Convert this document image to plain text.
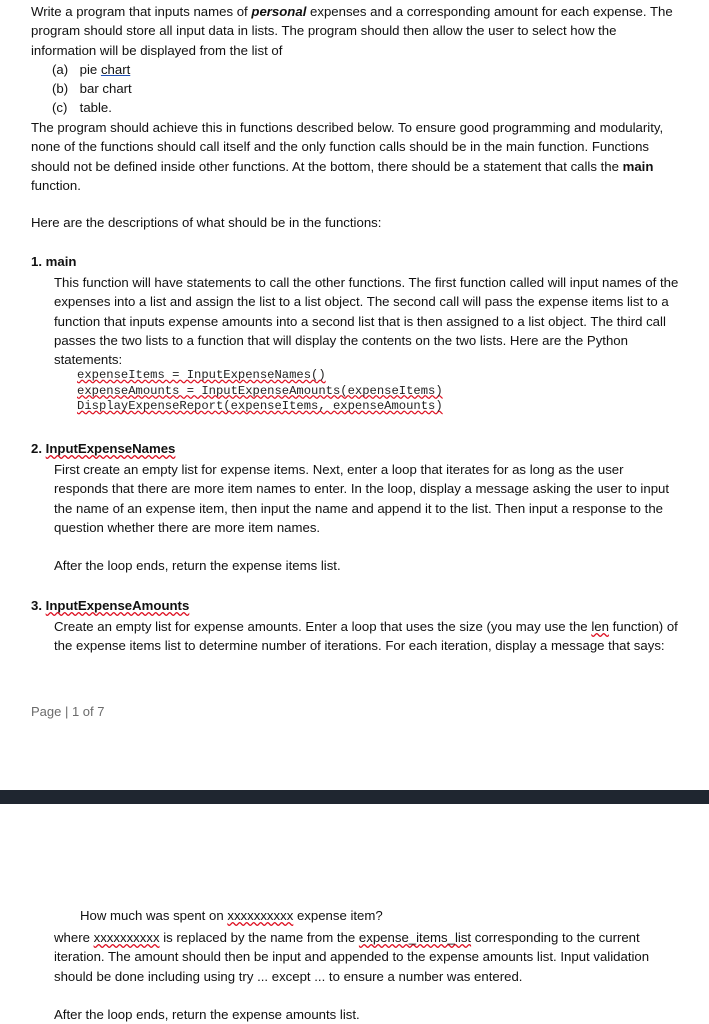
Write a program that inputs names of personal expenses and a corresponding amount for each expense. The program should store all input data in lists. The program should then allow the user to select how the information will be displayed from the list of

(a) pie chart
(b) bar chart
(c) table.

The program should achieve this in functions described below. To ensure good programming and modularity, none of the functions should call itself and the only function calls should be in the main function. Functions should not be defined inside other functions. At the bottom, there should be a statement that calls the main function.

Here are the descriptions of what should be in the functions:

1. main

This function will have statements to call the other functions. The first function called will input names of the expenses into a list and assign the list to a list object. The second call will pass the expense items list to a function that inputs expense amounts into a second list that is then assigned to a list object. The third call passes the two lists to a function that will display the contents on the two lists. Here are the Python statements:

expenseItems = InputExpenseNames()
expenseAmounts = InputExpenseAmounts(expenseItems)
DisplayExpenseReport(expenseItems, expenseAmounts)
2. InputExpenseNames

First create an empty list for expense items. Next, enter a loop that iterates for as long as the user responds that there are more item names to enter. In the loop, display a message asking the user to input the name of an expense item, then input the name and append it to the list. Then input a response to the question whether there are more item names.

After the loop ends, return the expense items list.

3. InputExpenseAmounts

Create an empty list for expense amounts. Enter a loop that uses the size (you may use the len function) of the expense items list to determine number of iterations. For each iteration, display a message that says:

Page | 1 of 7

How much was spent on xxxxxxxxxx expense item?

where xxxxxxxxxx is replaced by the name from the expense_items_list corresponding to the current iteration. The amount should then be input and appended to the expense amounts list. Input validation should be done including using try ... except ... to ensure a number was entered.

After the loop ends, return the expense amounts list.
